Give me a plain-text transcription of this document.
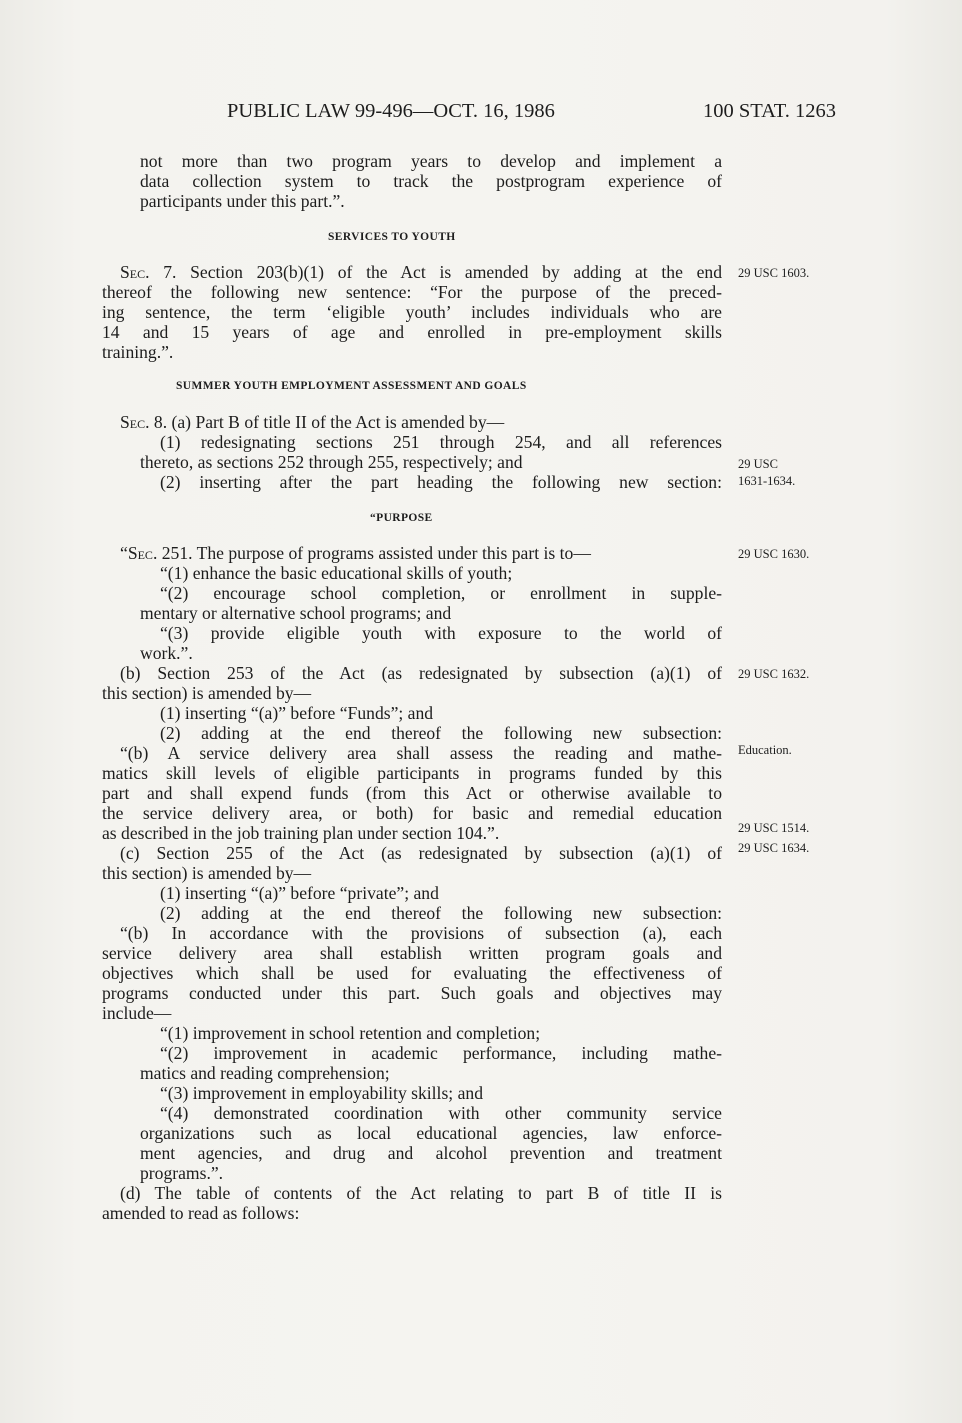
PUBLIC LAW 99-496—OCT. 16, 1986	100 STAT. 1263
not more than two program years to develop and implement a
data collection system to track the postprogram experience of
participants under this part.”.
SERVICES TO YOUTH
Sec. 7. Section 203(b)(1) of the Act is amended by adding at the end
thereof the following new sentence: “For the purpose of the preced-
ing sentence, the term ‘eligible youth’ includes individuals who are
14 and 15 years of age and enrolled in pre-employment skills
training.”.
SUMMER YOUTH EMPLOYMENT ASSESSMENT AND GOALS
Sec. 8. (a) Part B of title II of the Act is amended by—
(1) redesignating sections 251 through 254, and all references
thereto, as sections 252 through 255, respectively; and
(2) inserting after the part heading the following new section:
“PURPOSE
“Sec. 251. The purpose of programs assisted under this part is to—
“(1) enhance the basic educational skills of youth;
“(2) encourage school completion, or enrollment in supple-
mentary or alternative school programs; and
“(3) provide eligible youth with exposure to the world of
work.”.
(b) Section 253 of the Act (as redesignated by subsection (a)(1) of
this section) is amended by—
(1) inserting “(a)” before “Funds”; and
(2) adding at the end thereof the following new subsection:
“(b) A service delivery area shall assess the reading and mathe-
matics skill levels of eligible participants in programs funded by this
part and shall expend funds (from this Act or otherwise available to
the service delivery area, or both) for basic and remedial education
as described in the job training plan under section 104.”.
(c) Section 255 of the Act (as redesignated by subsection (a)(1) of
this section) is amended by—
(1) inserting “(a)” before “private”; and
(2) adding at the end thereof the following new subsection:
“(b) In accordance with the provisions of subsection (a), each
service delivery area shall establish written program goals and
objectives which shall be used for evaluating the effectiveness of
programs conducted under this part. Such goals and objectives may
include—
“(1) improvement in school retention and completion;
“(2) improvement in academic performance, including mathe-
matics and reading comprehension;
“(3) improvement in employability skills; and
“(4) demonstrated coordination with other community service
organizations such as local educational agencies, law enforce-
ment agencies, and drug and alcohol prevention and treatment
programs.”.
(d) The table of contents of the Act relating to part B of title II is
amended to read as follows:
29 USC 1603.
29 USC
1631-1634.
29 USC 1630.
29 USC 1632.
Education.
29 USC 1514.
29 USC 1634.
